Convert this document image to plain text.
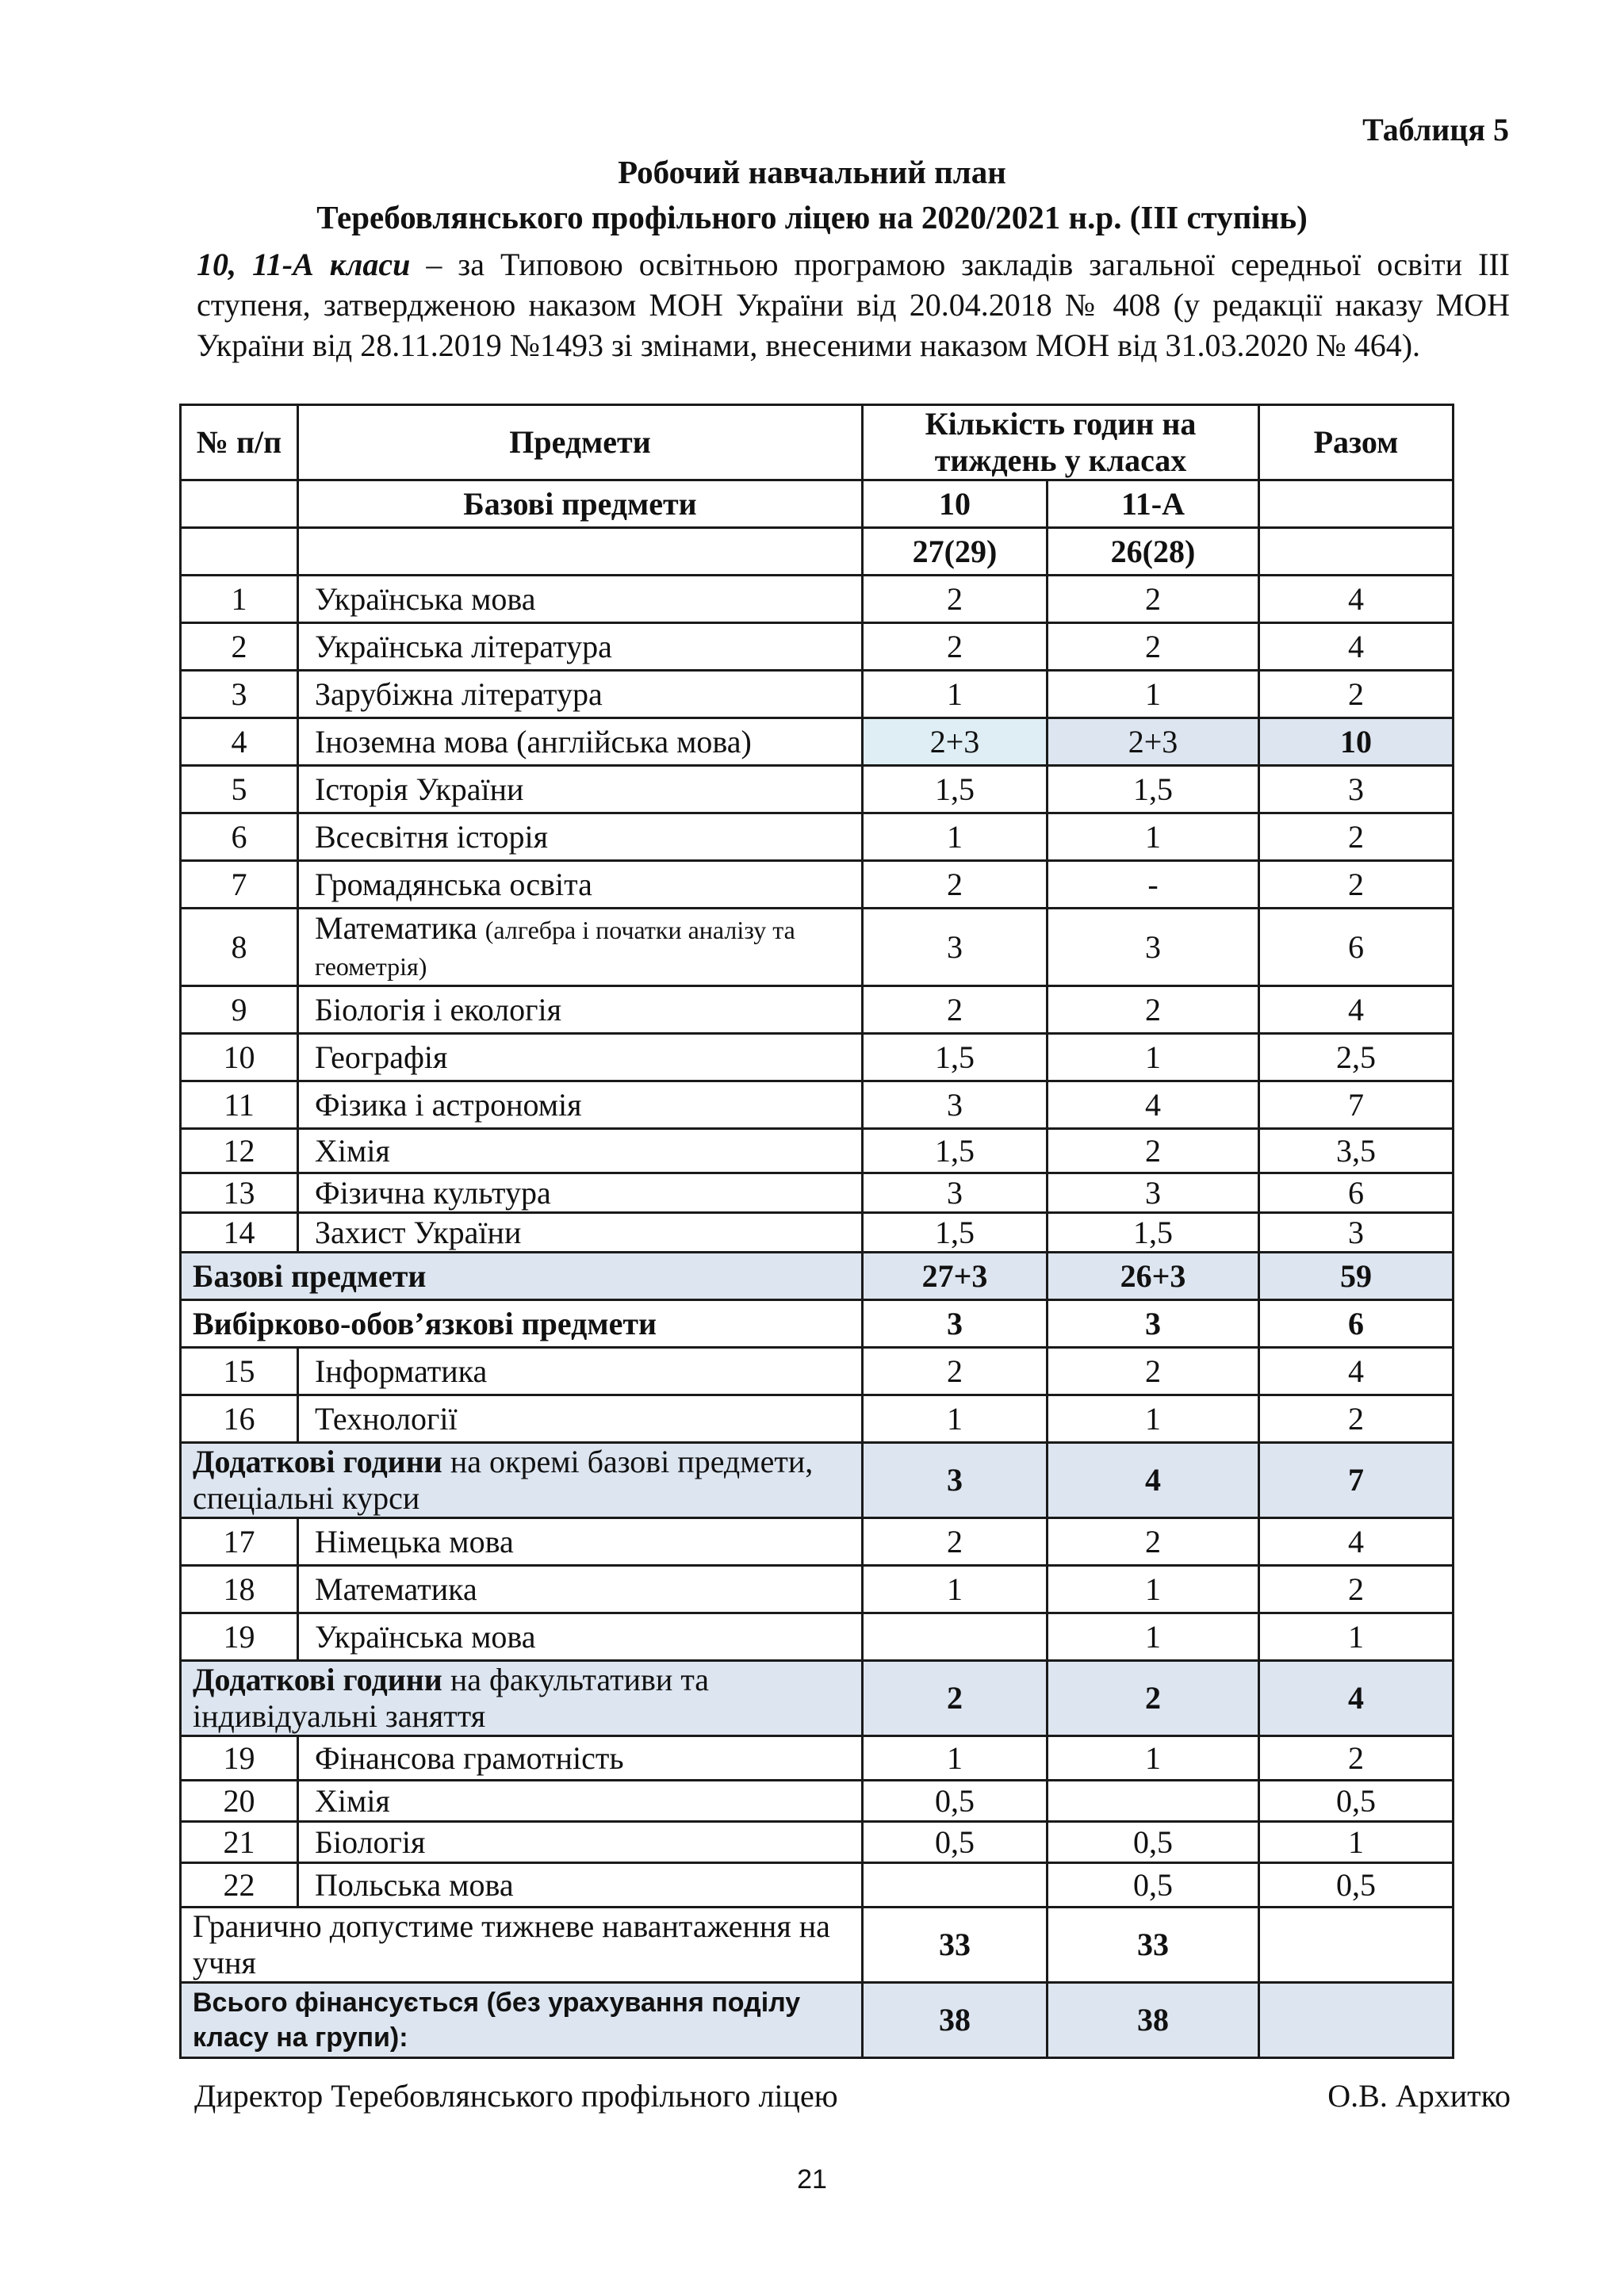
Таблиця 5
Робочий навчальний план
Теребовлянського профільного ліцею на 2020/2021 н.р. (ІІІ ступінь)
10, 11-А класи – за Типовою освітньою програмою закладів загальної середньої освіти ІІІ ступеня, затвердженою наказом МОН України від 20.04.2018 № 408 (у редакції наказу МОН України від 28.11.2019 №1493 зі змінами, внесеними наказом МОН від 31.03.2020 № 464).
№ п/п	Предмети	Кількість годин на тиждень у класах		Разом
	Базові предмети	10	11-А	
		27(29)	26(28)	
1	Українська мова	2	2	4
2	Українська література	2	2	4
3	Зарубіжна література	1	1	2
4	Іноземна мова (англійська мова)	2+3	2+3	10
5	Історія України	1,5	1,5	3
6	Всесвітня історія	1	1	2
7	Громадянська освіта	2	-	2
8	Математика (алгебра і початки аналізу та геометрія)	3	3	6
9	Біологія і екологія	2	2	4
10	Географія	1,5	1	2,5
11	Фізика і астрономія	3	4	7
12	Хімія	1,5	2	3,5
13	Фізична культура	3	3	6
14	Захист України	1,5	1,5	3
Базові предмети		27+3	26+3	59
Вибірково-обов’язкові предмети		3	3	6
15	Інформатика	2	2	4
16	Технології	1	1	2
Додаткові години на окремі базові предмети, спеціальні курси		3	4	7
17	Німецька мова	2	2	4
18	Математика	1	1	2
19	Українська мова		1	1
Додаткові години на факультативи та індивідуальні заняття		2	2	4
19	Фінансова грамотність	1	1	2
20	Хімія	0,5		0,5
21	Біологія	0,5	0,5	1
22	Польська мова		0,5	0,5
Гранично допустиме тижневе навантаження на учня		33	33	
Всього фінансується (без урахування поділу класу на групи):		38	38	
Директор Теребовлянського профільного ліцею	О.В. Архитко
21
